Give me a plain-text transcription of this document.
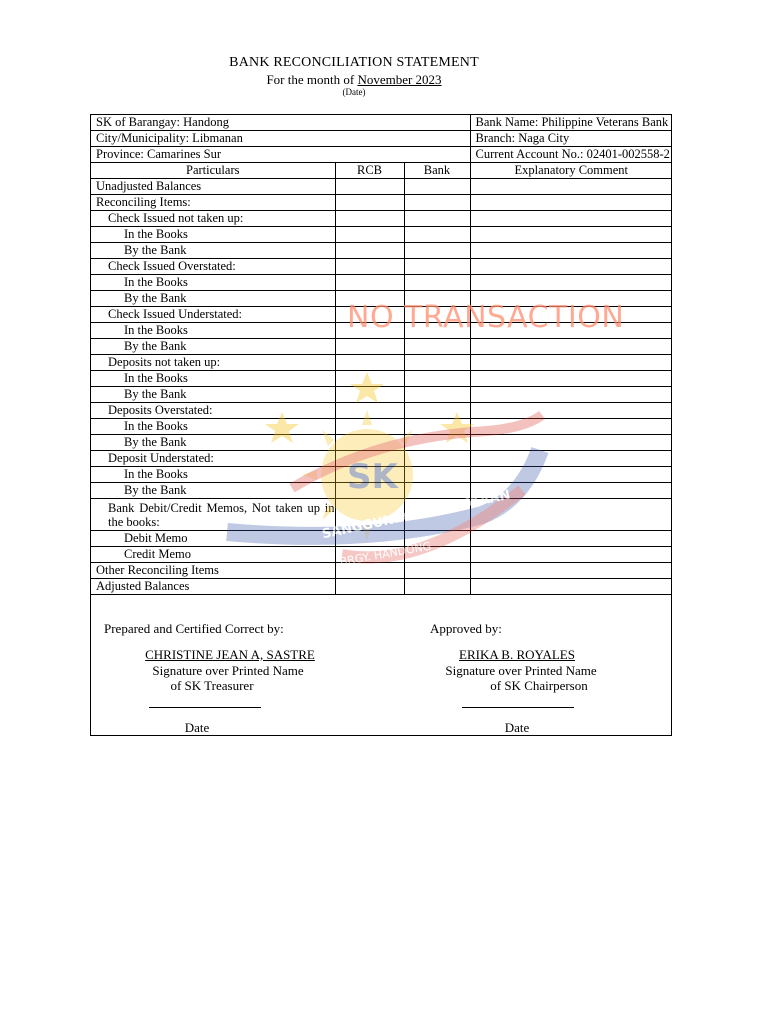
BANK RECONCILIATION STATEMENT
For the month of November 2023
(Date)
SK of Barangay: Handong			Bank Name: Philippine Veterans Bank
City/Municipality: Libmanan			Branch: Naga City
Province: Camarines Sur			Current Account No.: 02401-002558-2
Particulars	RCB	Bank	Explanatory Comment
Unadjusted Balances			
Reconciling Items:			
Check Issued not taken up:			
In the Books			
By the Bank			
Check Issued Overstated:			
In the Books			
By the Bank			
Check Issued Understated:			
In the Books			
By the Bank			
Deposits not taken up:			
In the Books			
By the Bank			
Deposits Overstated:			
In the Books			
By the Bank			
Deposit Understated:			
In the Books			
By the Bank			
Bank Debit/Credit Memos, Not taken up in the books:			
Debit Memo			
Credit Memo			
Other Reconciling Items			
Adjusted Balances			
NO TRANSACTION
SK
SANGGUNIANG KABATAAN
BRGY. HANDONG
Prepared and Certified Correct by:	Approved by:
CHRISTINE JEAN A, SASTRE	ERIKA B. ROYALES
Signature over Printed Name	Signature over Printed Name
of SK Treasurer	of SK Chairperson
Date	Date
